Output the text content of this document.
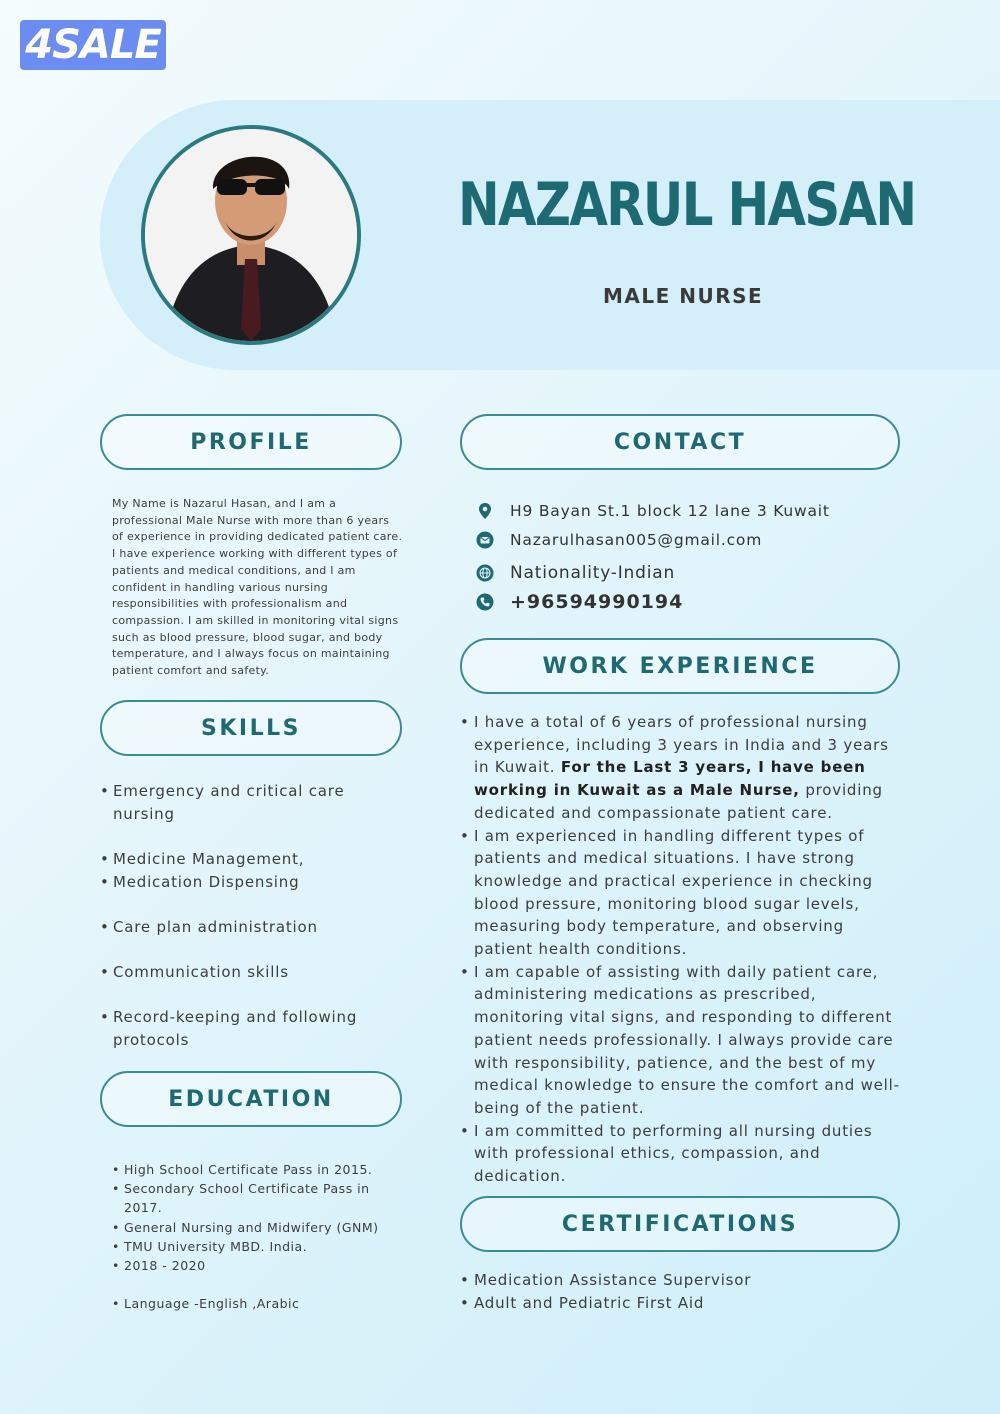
4SALE
NAZARUL HASAN
MALE NURSE
PROFILE
My Name is Nazarul Hasan, and I am a professional Male Nurse with more than 6 years of experience in providing dedicated patient care. I have experience working with different types of patients and medical conditions, and I am confident in handling various nursing responsibilities with professionalism and compassion. I am skilled in monitoring vital signs such as blood pressure, blood sugar, and body temperature, and I always focus on maintaining patient comfort and safety.
SKILLS
• Emergency and critical care nursing
• Medicine Management,
• Medication Dispensing
• Care plan administration
• Communication skills
• Record-keeping and following protocols
EDUCATION
• High School Certificate Pass in 2015.
• Secondary School Certificate Pass in 2017.
• General Nursing and Midwifery (GNM)
• TMU University MBD. India.
• 2018 - 2020
• Language -English ,Arabic
CONTACT
H9 Bayan St.1 block 12 lane 3 Kuwait
Nazarulhasan005@gmail.com
Nationality-Indian
+96594990194
WORK EXPERIENCE
• I have a total of 6 years of professional nursing experience, including 3 years in India and 3 years in Kuwait. For the Last 3 years, I have been working in Kuwait as a Male Nurse, providing dedicated and compassionate patient care.
• I am experienced in handling different types of patients and medical situations. I have strong knowledge and practical experience in checking blood pressure, monitoring blood sugar levels, measuring body temperature, and observing patient health conditions.
• I am capable of assisting with daily patient care, administering medications as prescribed, monitoring vital signs, and responding to different patient needs professionally. I always provide care with responsibility, patience, and the best of my medical knowledge to ensure the comfort and well-being of the patient.
• I am committed to performing all nursing duties with professional ethics, compassion, and dedication.
CERTIFICATIONS
• Medication Assistance Supervisor
• Adult and Pediatric First Aid
